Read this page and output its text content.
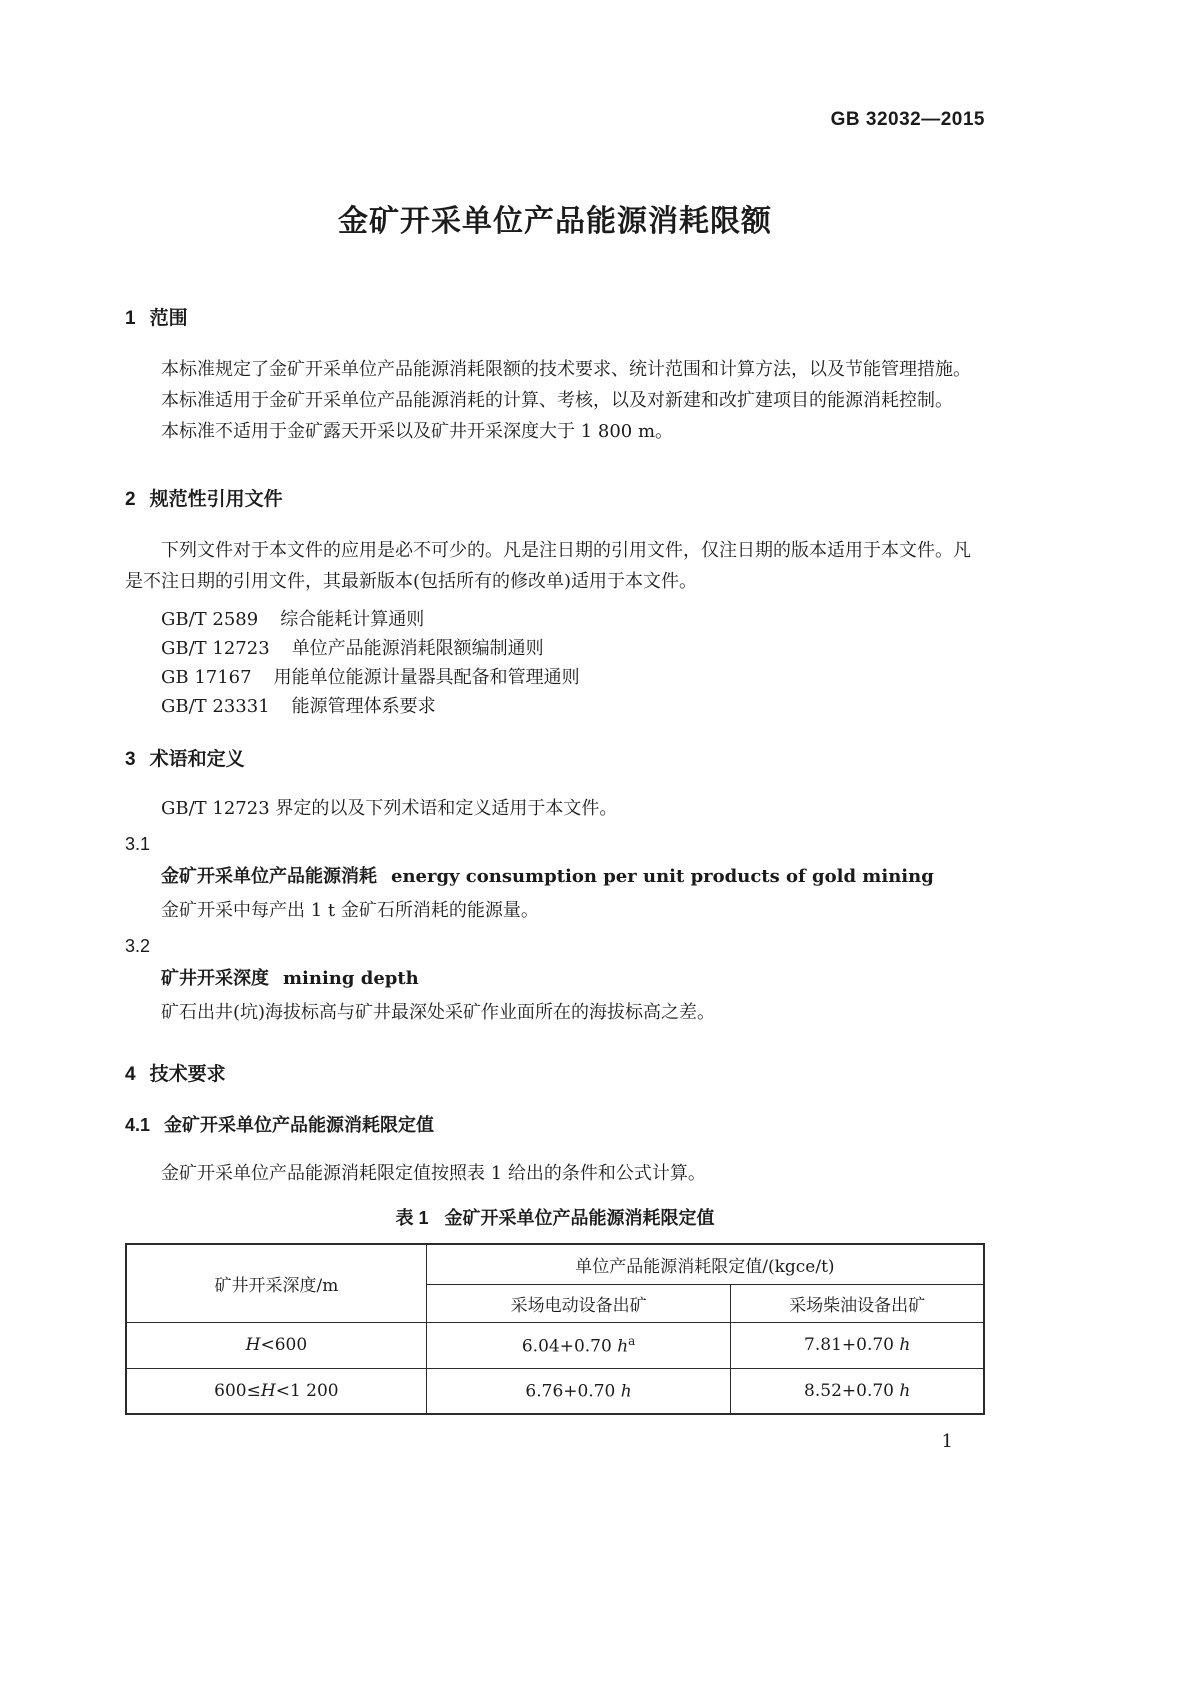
GB 32032—2015
金矿开采单位产品能源消耗限额
1 范围

本标准规定了金矿开采单位产品能源消耗限额的技术要求、统计范围和计算方法，以及节能管理措施。

本标准适用于金矿开采单位产品能源消耗的计算、考核，以及对新建和改扩建项目的能源消耗控制。

本标准不适用于金矿露天开采以及矿井开采深度大于 1 800 m。

2 规范性引用文件

下列文件对于本文件的应用是必不可少的。凡是注日期的引用文件，仅注日期的版本适用于本文件。凡是不注日期的引用文件，其最新版本(包括所有的修改单)适用于本文件。

GB/T 2589 综合能耗计算通则
GB/T 12723 单位产品能源消耗限额编制通则
GB 17167 用能单位能源计量器具配备和管理通则
GB/T 23331 能源管理体系要求
3 术语和定义

GB/T 12723 界定的以及下列术语和定义适用于本文件。

3.1
金矿开采单位产品能源消耗 energy consumption per unit products of gold mining

金矿开采中每产出 1 t 金矿石所消耗的能源量。

3.2
矿井开采深度 mining depth

矿石出井(坑)海拔标高与矿井最深处采矿作业面所在的海拔标高之差。

4 技术要求
4.1 金矿开采单位产品能源消耗限定值

金矿开采单位产品能源消耗限定值按照表 1 给出的条件和公式计算。

表 1 金矿开采单位产品能源消耗限定值
矿井开采深度/m	单位产品能源消耗限定值/(kgce/t)	
	采场电动设备出矿	采场柴油设备出矿
H<600	6.04+0.70 $h^a$	7.81+0.70 h
600≤H<1 200	6.76+0.70 h	8.52+0.70 h
1
